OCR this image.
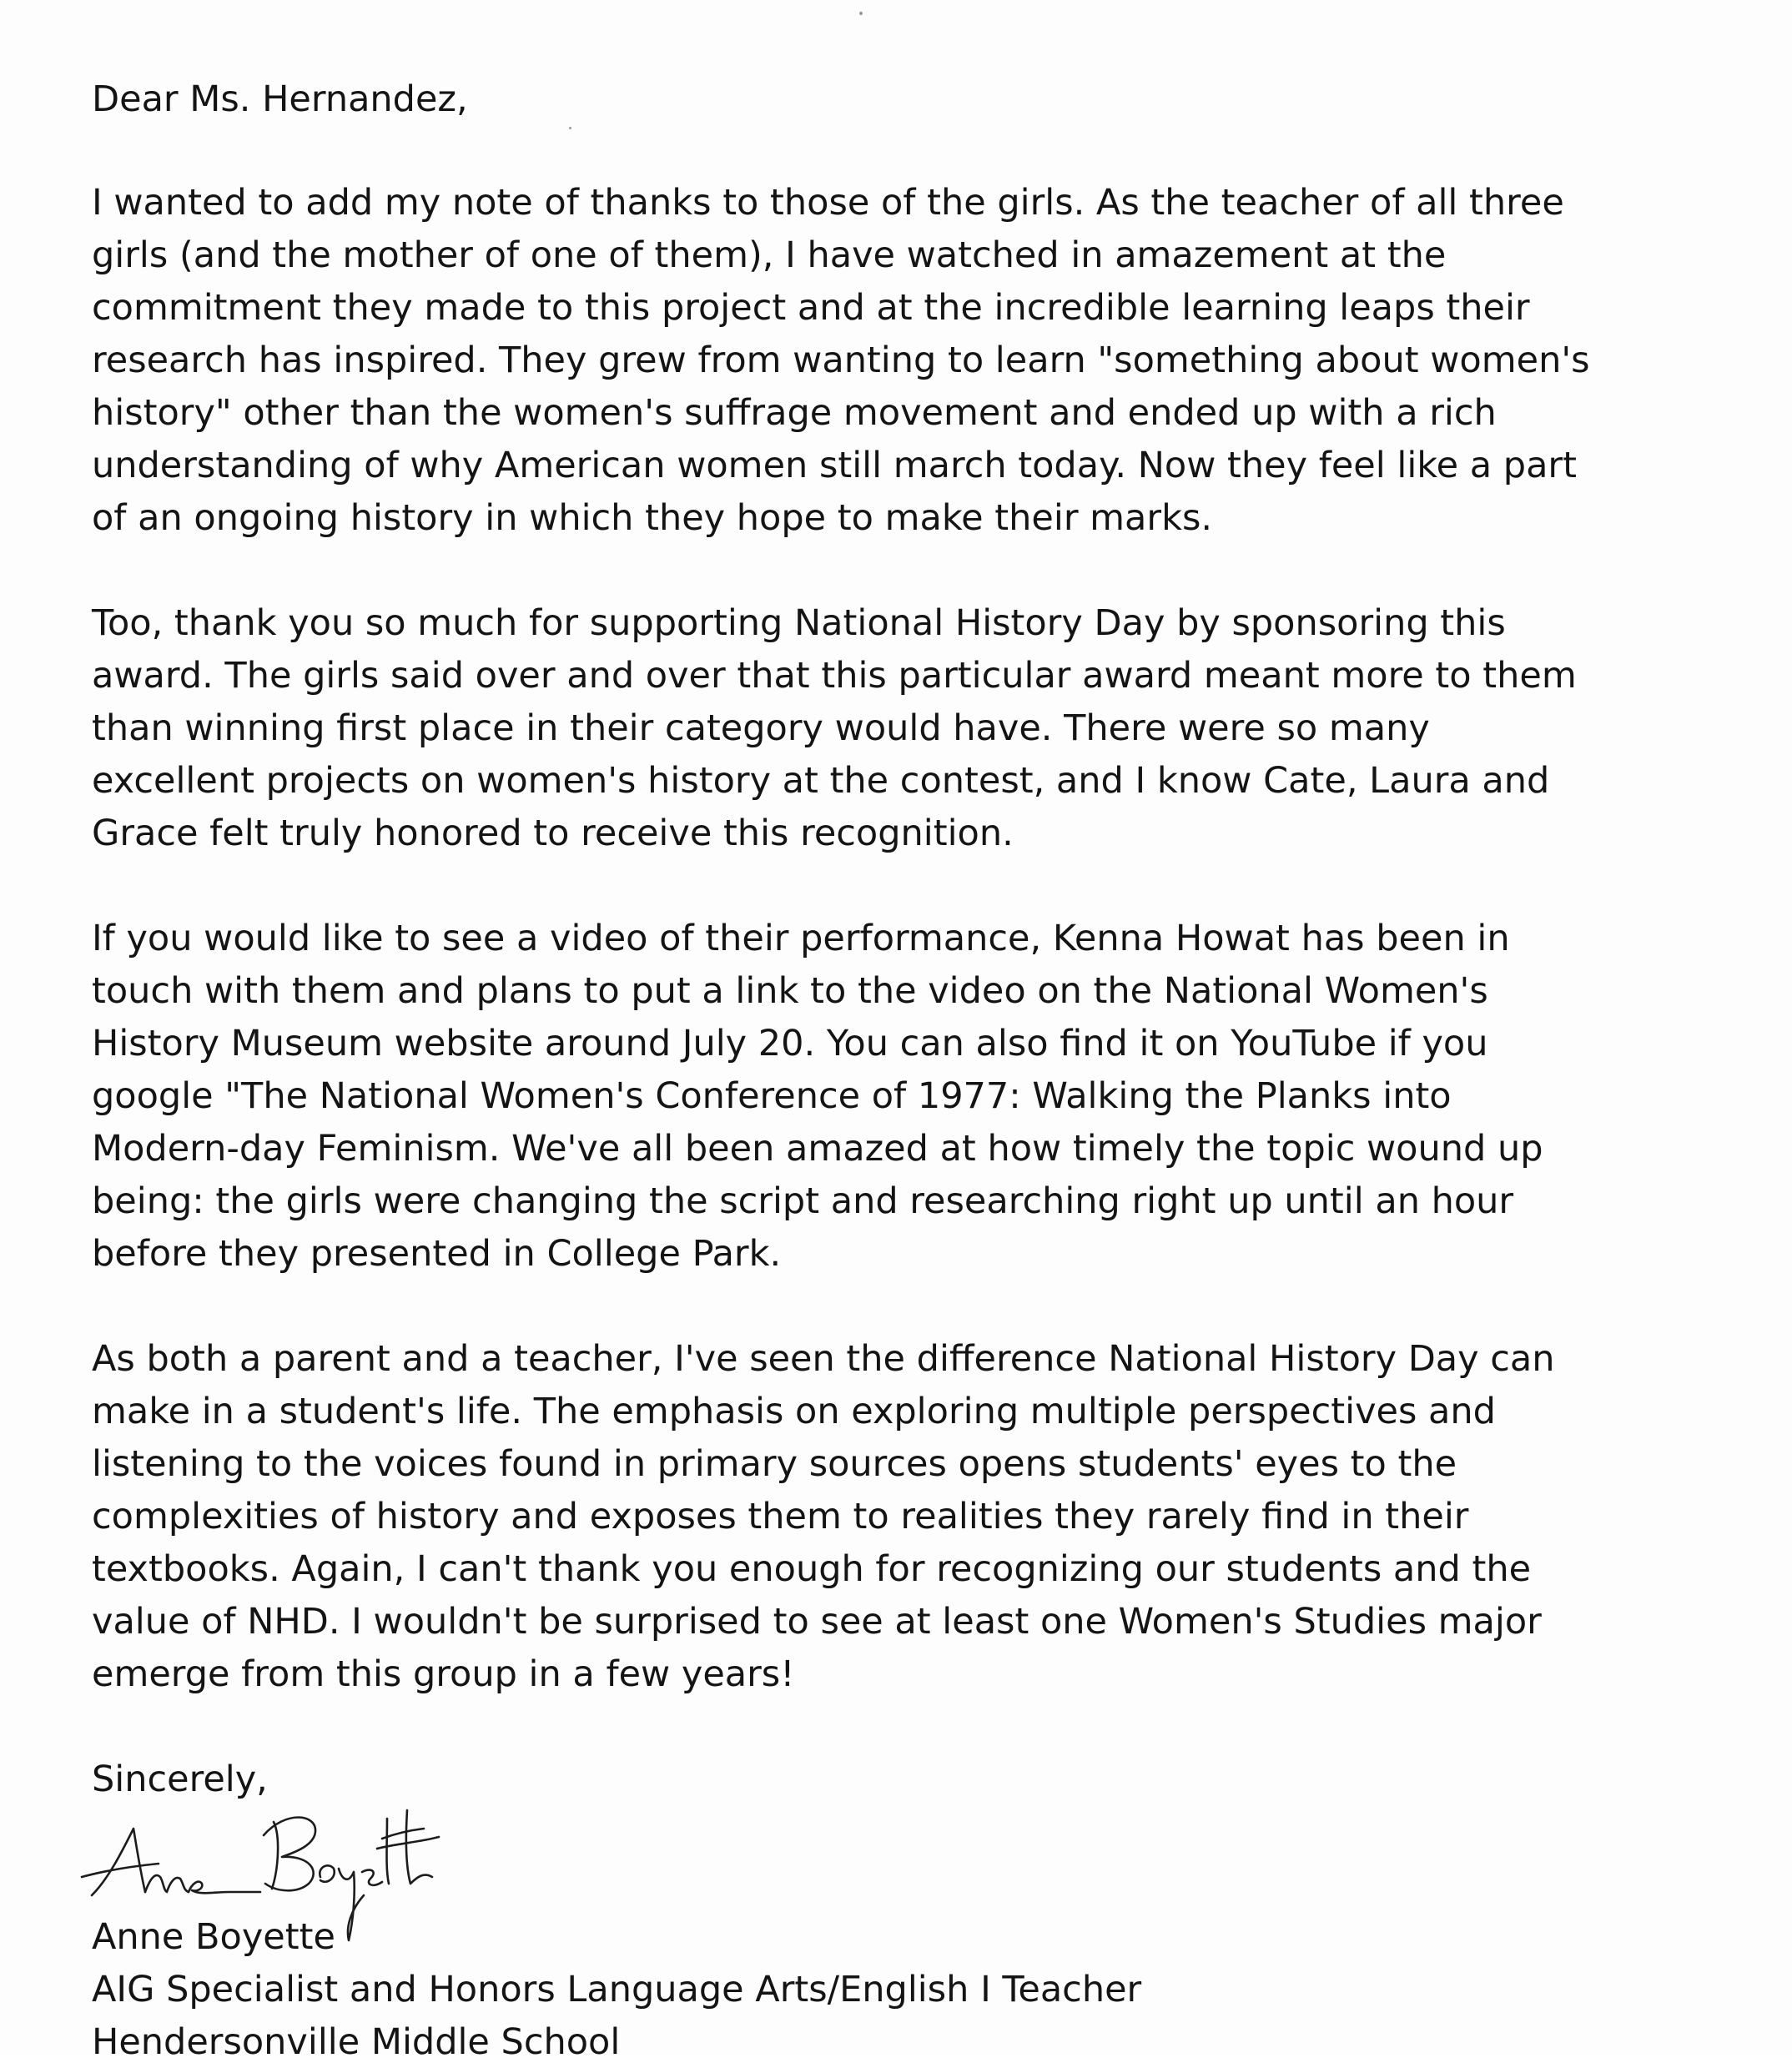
Dear Ms. Hernandez,
I wanted to add my note of thanks to those of the girls. As the teacher of all three
girls (and the mother of one of them), I have watched in amazement at the
commitment they made to this project and at the incredible learning leaps their
research has inspired. They grew from wanting to learn "something about women's
history" other than the women's suffrage movement and ended up with a rich
understanding of why American women still march today. Now they feel like a part
of an ongoing history in which they hope to make their marks.
Too, thank you so much for supporting National History Day by sponsoring this
award. The girls said over and over that this particular award meant more to them
than winning first place in their category would have. There were so many
excellent projects on women's history at the contest, and I know Cate, Laura and
Grace felt truly honored to receive this recognition.
If you would like to see a video of their performance, Kenna Howat has been in
touch with them and plans to put a link to the video on the National Women's
History Museum website around July 20. You can also find it on YouTube if you
google "The National Women's Conference of 1977: Walking the Planks into
Modern-day Feminism. We've all been amazed at how timely the topic wound up
being: the girls were changing the script and researching right up until an hour
before they presented in College Park.
As both a parent and a teacher, I've seen the difference National History Day can
make in a student's life. The emphasis on exploring multiple perspectives and
listening to the voices found in primary sources opens students' eyes to the
complexities of history and exposes them to realities they rarely find in their
textbooks. Again, I can't thank you enough for recognizing our students and the
value of NHD. I wouldn't be surprised to see at least one Women's Studies major
emerge from this group in a few years!
Sincerely,
Anne Boyette
AIG Specialist and Honors Language Arts/English I Teacher
Hendersonville Middle School
